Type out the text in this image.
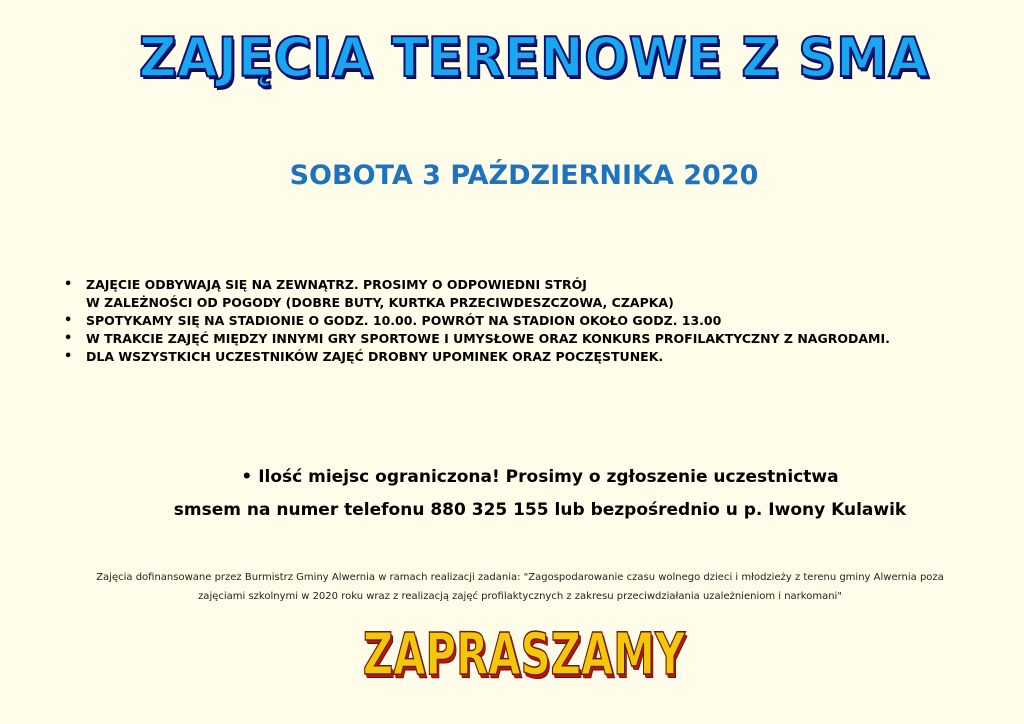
ZAJĘCIA TERENOWE Z SMA
SOBOTA 3 PAŹDZIERNIKA 2020
• ZAJĘCIE ODBYWAJĄ SIĘ NA ZEWNĄTRZ. PROSIMY O ODPOWIEDNI STRÓJ
W ZALEŻNOŚCI OD POGODY (DOBRE BUTY, KURTKA PRZECIWDESZCZOWA, CZAPKA)
• SPOTYKAMY SIĘ NA STADIONIE O GODZ. 10.00. POWRÓT NA STADION OKOŁO GODZ. 13.00
• W TRAKCIE ZAJĘĆ MIĘDZY INNYMI GRY SPORTOWE I UMYSŁOWE ORAZ KONKURS PROFILAKTYCZNY Z NAGRODAMI.
• DLA WSZYSTKICH UCZESTNIKÓW ZAJĘĆ DROBNY UPOMINEK ORAZ POCZĘSTUNEK.
• Ilość miejsc ograniczona! Prosimy o zgłoszenie uczestnictwa
smsem na numer telefonu 880 325 155 lub bezpośrednio u p. Iwony Kulawik
Zajęcia dofinansowane przez Burmistrz Gminy Alwernia w ramach realizacji zadania: "Zagospodarowanie czasu wolnego dzieci i młodzieży z terenu gminy Alwernia poza
zajęciami szkolnymi w 2020 roku wraz z realizacją zajęć profilaktycznych z zakresu przeciwdziałania uzależnieniom i narkomani"
ZAPRASZAMY
